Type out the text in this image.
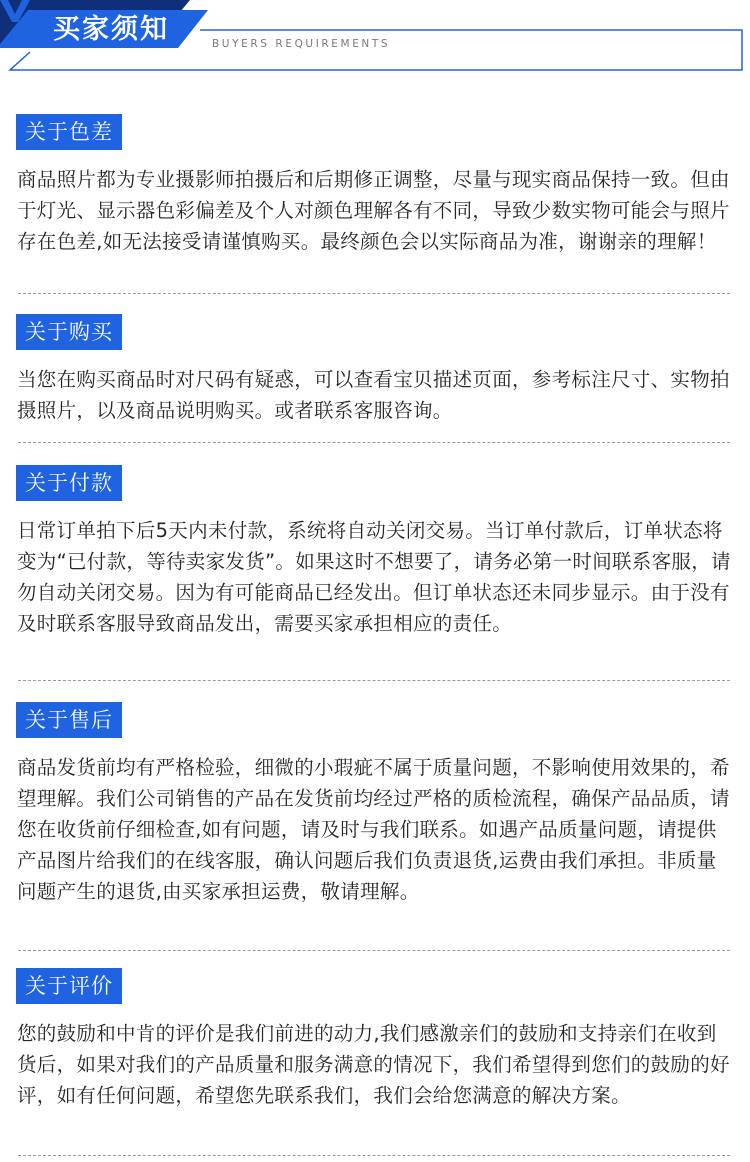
买家须知	BUYERS REQUIREMENTS
关于色差
商品照片都为专业摄影师拍摄后和后期修正调整，尽量与现实商品保持一致。但由于灯光、显示器色彩偏差及个人对颜色理解各有不同，导致少数实物可能会与照片存在色差,如无法接受请谨慎购买。最终颜色会以实际商品为准，谢谢亲的理解！
关于购买
当您在购买商品时对尺码有疑惑，可以查看宝贝描述页面，参考标注尺寸、实物拍摄照片，以及商品说明购买。或者联系客服咨询。
关于付款
日常订单拍下后5天内未付款，系统将自动关闭交易。当订单付款后，订单状态将变为“已付款，等待卖家发货”。如果这时不想要了，请务必第一时间联系客服，请勿自动关闭交易。因为有可能商品已经发出。但订单状态还未同步显示。由于没有及时联系客服导致商品发出，需要买家承担相应的责任。
关于售后
商品发货前均有严格检验，细微的小瑕疵不属于质量问题，不影响使用效果的，希望理解。我们公司销售的产品在发货前均经过严格的质检流程，确保产品品质，请您在收货前仔细检查,如有问题，请及时与我们联系。如遇产品质量问题，请提供产品图片给我们的在线客服，确认问题后我们负责退货,运费由我们承担。非质量问题产生的退货,由买家承担运费，敬请理解。
关于评价
您的鼓励和中肯的评价是我们前进的动力,我们感激亲们的鼓励和支持亲们在收到货后，如果对我们的产品质量和服务满意的情况下，我们希望得到您们的鼓励的好评，如有任何问题，希望您先联系我们，我们会给您满意的解决方案。
